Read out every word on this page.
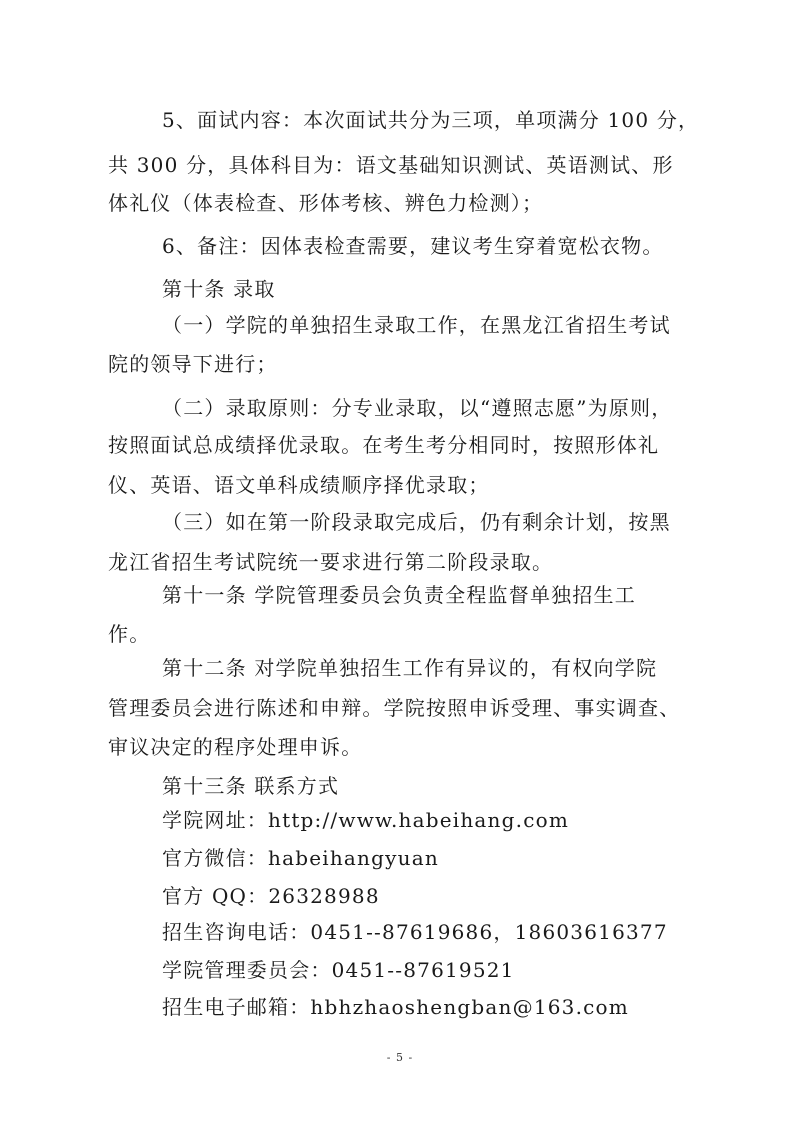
5、面试内容：本次面试共分为三项，单项满分 100 分，
共 300 分，具体科目为：语文基础知识测试、英语测试、形
体礼仪（体表检查、形体考核、辨色力检测）；
6、备注：因体表检查需要，建议考生穿着宽松衣物。
第十条 录取
（一）学院的单独招生录取工作，在黑龙江省招生考试
院的领导下进行；
（二）录取原则：分专业录取，以“遵照志愿”为原则，
按照面试总成绩择优录取。在考生考分相同时，按照形体礼
仪、英语、语文单科成绩顺序择优录取；
（三）如在第一阶段录取完成后，仍有剩余计划，按黑
龙江省招生考试院统一要求进行第二阶段录取。
第十一条 学院管理委员会负责全程监督单独招生工
作。
第十二条 对学院单独招生工作有异议的，有权向学院
管理委员会进行陈述和申辩。学院按照申诉受理、事实调查、
审议决定的程序处理申诉。
第十三条 联系方式
学院网址：http://www.habeihang.com
官方微信：habeihangyuan
官方 QQ：26328988
招生咨询电话：0451--87619686，18603616377
学院管理委员会：0451--87619521
招生电子邮箱：hbhzhaoshengban@163.com
- 5 -
